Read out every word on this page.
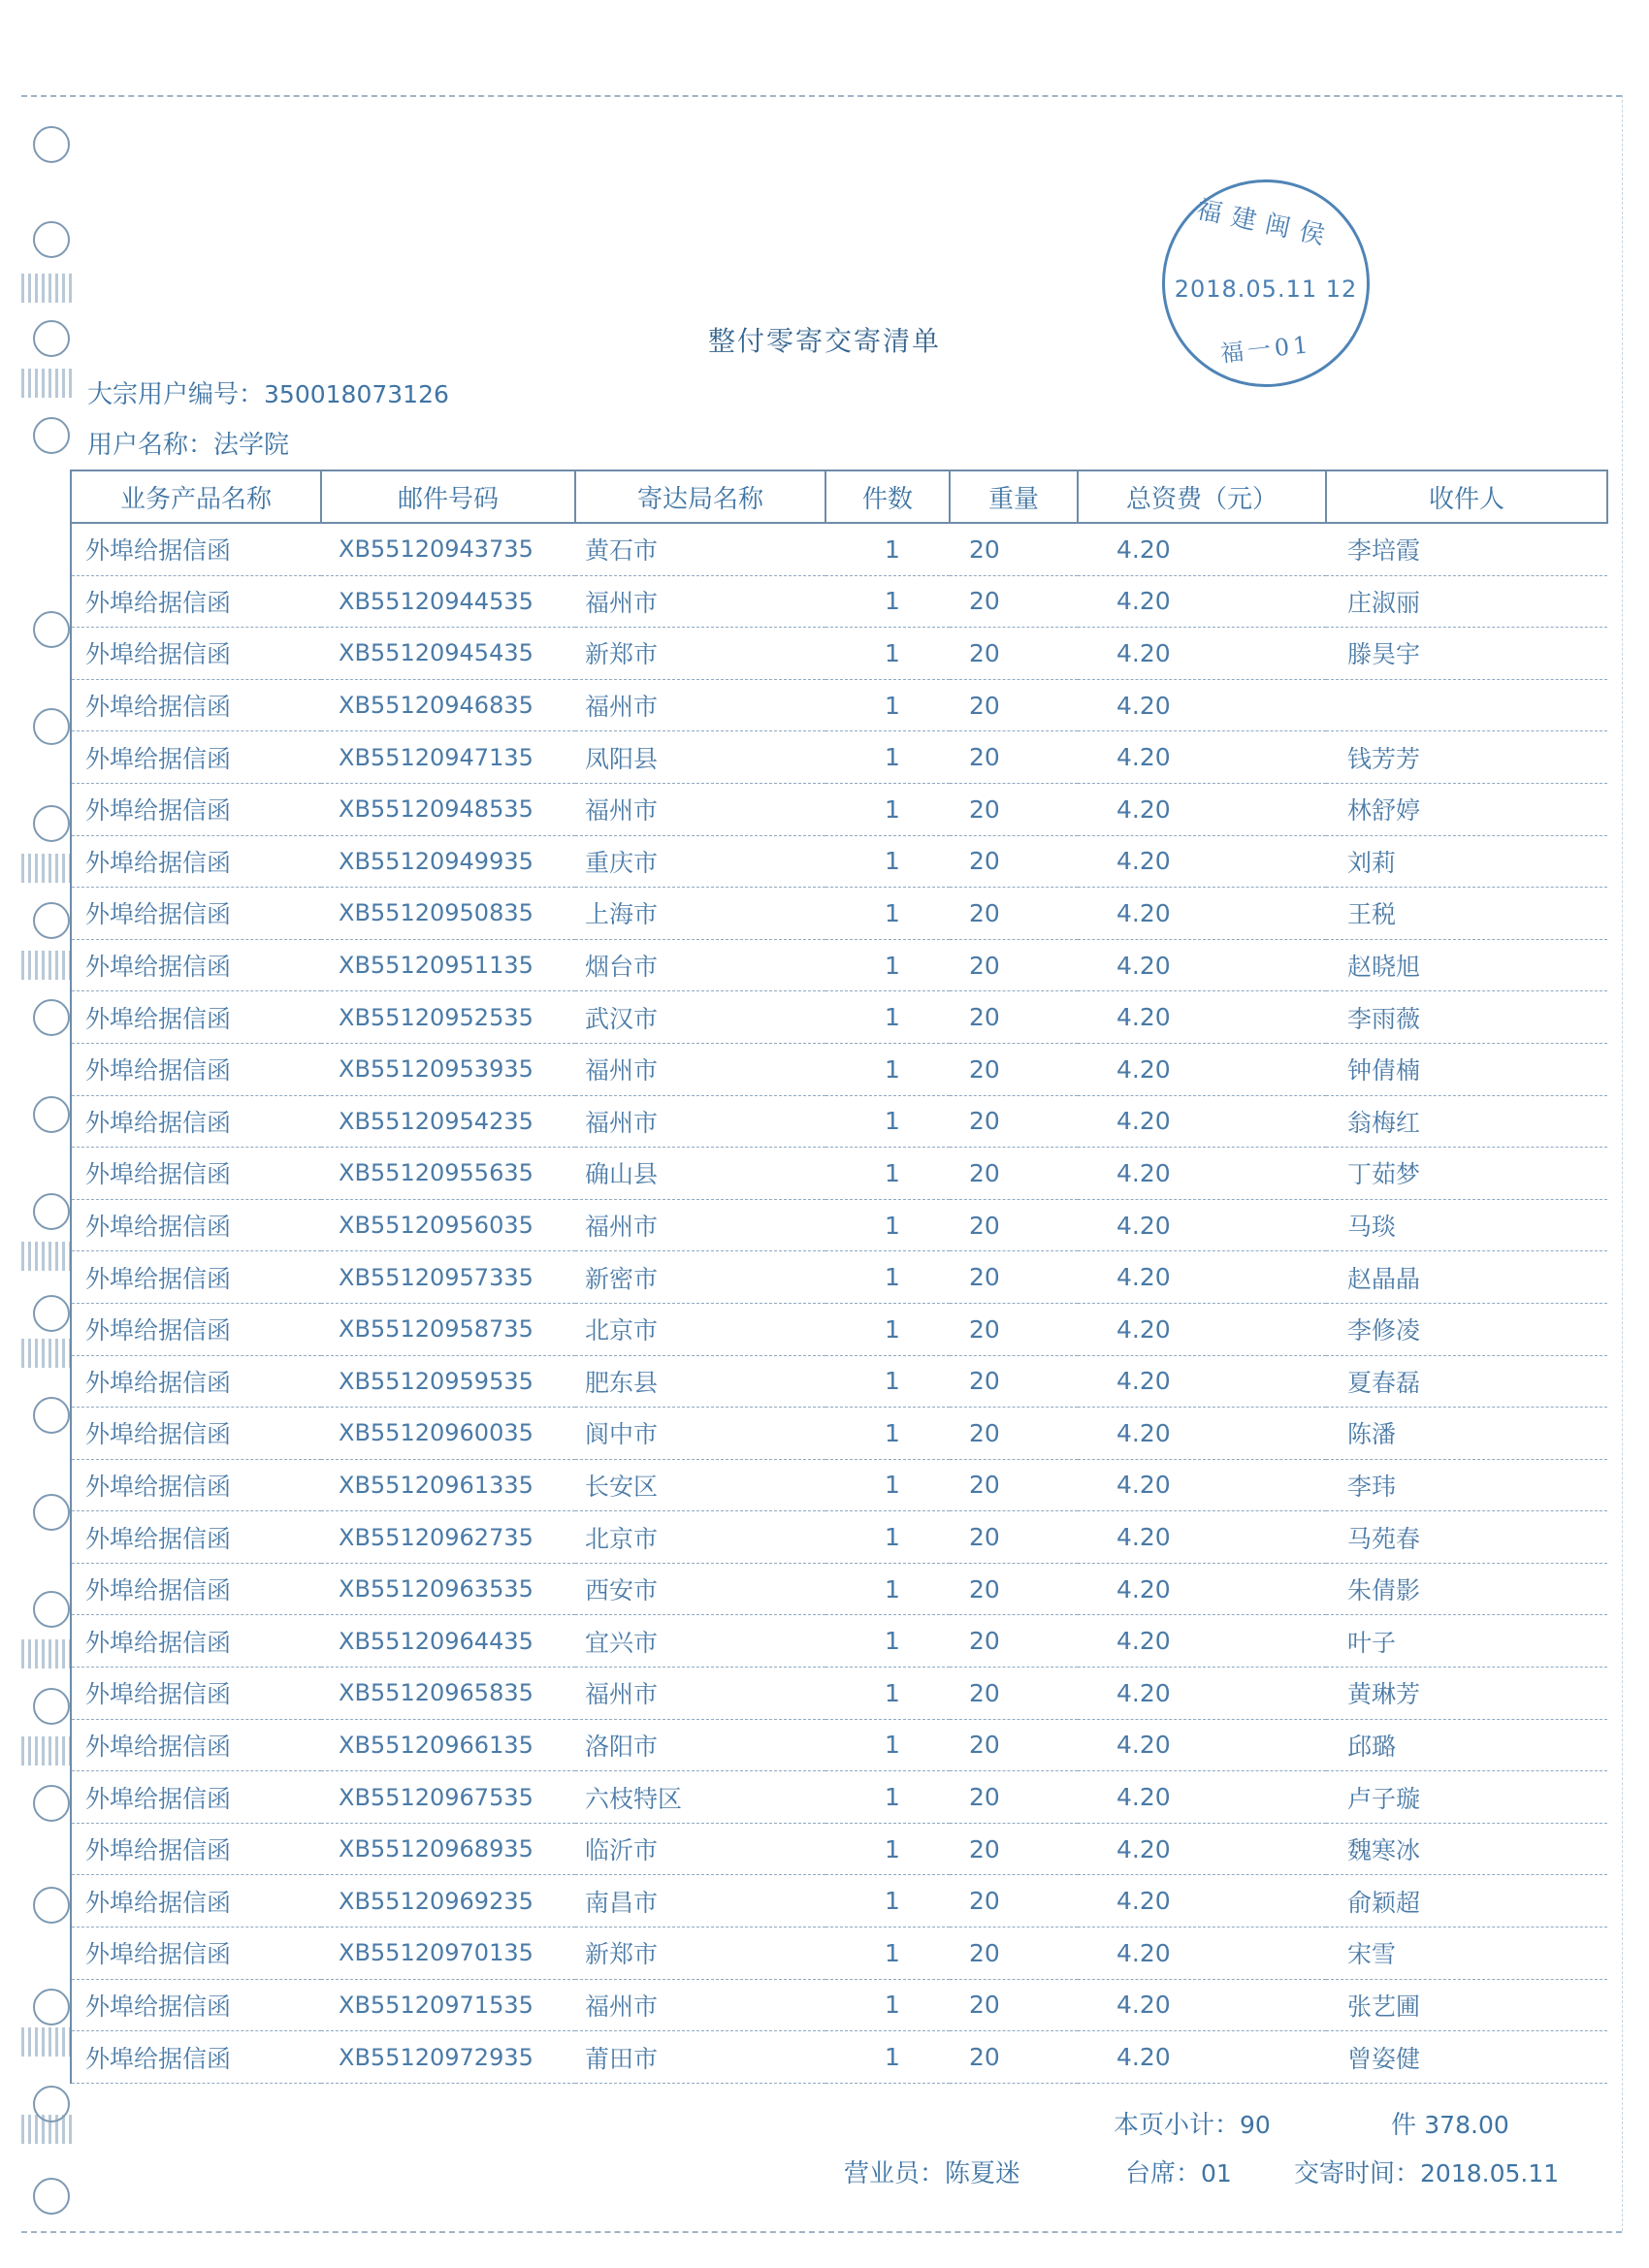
福建闽侯
2018.05.11 12
福一01
整付零寄交寄清单
大宗用户编号：350018073126
用户名称：法学院
业务产品名称	邮件号码	寄达局名称	件数	重量	总资费（元）	收件人
外埠给据信函	XB55120943735	黄石市	1	20	4.20	李培霞
外埠给据信函	XB55120944535	福州市	1	20	4.20	庄淑丽
外埠给据信函	XB55120945435	新郑市	1	20	4.20	滕昊宇
外埠给据信函	XB55120946835	福州市	1	20	4.20	
外埠给据信函	XB55120947135	凤阳县	1	20	4.20	钱芳芳
外埠给据信函	XB55120948535	福州市	1	20	4.20	林舒婷
外埠给据信函	XB55120949935	重庆市	1	20	4.20	刘莉
外埠给据信函	XB55120950835	上海市	1	20	4.20	王税
外埠给据信函	XB55120951135	烟台市	1	20	4.20	赵晓旭
外埠给据信函	XB55120952535	武汉市	1	20	4.20	李雨薇
外埠给据信函	XB55120953935	福州市	1	20	4.20	钟倩楠
外埠给据信函	XB55120954235	福州市	1	20	4.20	翁梅红
外埠给据信函	XB55120955635	确山县	1	20	4.20	丁茹梦
外埠给据信函	XB55120956035	福州市	1	20	4.20	马琰
外埠给据信函	XB55120957335	新密市	1	20	4.20	赵晶晶
外埠给据信函	XB55120958735	北京市	1	20	4.20	李修凌
外埠给据信函	XB55120959535	肥东县	1	20	4.20	夏春磊
外埠给据信函	XB55120960035	阆中市	1	20	4.20	陈潘
外埠给据信函	XB55120961335	长安区	1	20	4.20	李玮
外埠给据信函	XB55120962735	北京市	1	20	4.20	马苑春
外埠给据信函	XB55120963535	西安市	1	20	4.20	朱倩影
外埠给据信函	XB55120964435	宜兴市	1	20	4.20	叶子
外埠给据信函	XB55120965835	福州市	1	20	4.20	黄琳芳
外埠给据信函	XB55120966135	洛阳市	1	20	4.20	邱璐
外埠给据信函	XB55120967535	六枝特区	1	20	4.20	卢子璇
外埠给据信函	XB55120968935	临沂市	1	20	4.20	魏寒冰
外埠给据信函	XB55120969235	南昌市	1	20	4.20	俞颖超
外埠给据信函	XB55120970135	新郑市	1	20	4.20	宋雪
外埠给据信函	XB55120971535	福州市	1	20	4.20	张艺圃
外埠给据信函	XB55120972935	莆田市	1	20	4.20	曾姿健
本页小计：90	件 378.00
营业员：陈夏迷	台席：01 交寄时间：2018.05.11
